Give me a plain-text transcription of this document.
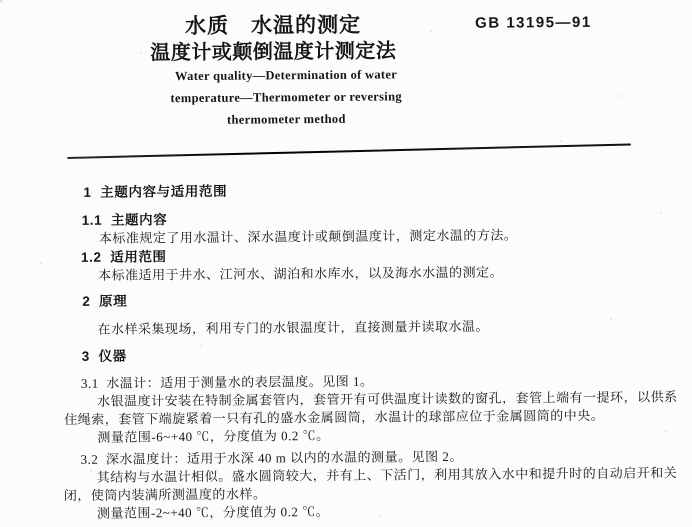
水质　水温的测定
温度计或颠倒温度计测定法
GB 13195—91
Water quality—Determination of water
temperature—Thermometer or reversing
thermometer method
1  主题内容与适用范围
1.1  主题内容
本标准规定了用水温计、深水温度计或颠倒温度计，测定水温的方法。
1.2  适用范围
本标准适用于井水、江河水、湖泊和水库水，以及海水水温的测定。
2  原理
在水样采集现场，利用专门的水银温度计，直接测量并读取水温。
3  仪器
3.1  水温计：适用于测量水的表层温度。见图 1。
水银温度计安装在特制金属套管内，套管开有可供温度计读数的窗孔，套管上端有一提环，以供系
住绳索，套管下端旋紧着一只有孔的盛水金属圆筒，水温计的球部应位于金属圆筒的中央。
测量范围-6~+40 ℃，分度值为 0.2 ℃。
3.2  深水温度计：适用于水深 40 m 以内的水温的测量。见图 2。
其结构与水温计相似。盛水圆筒较大，并有上、下活门，利用其放入水中和提升时的自动启开和关
闭，使筒内装满所测温度的水样。
测量范围-2~+40 ℃，分度值为 0.2 ℃。
